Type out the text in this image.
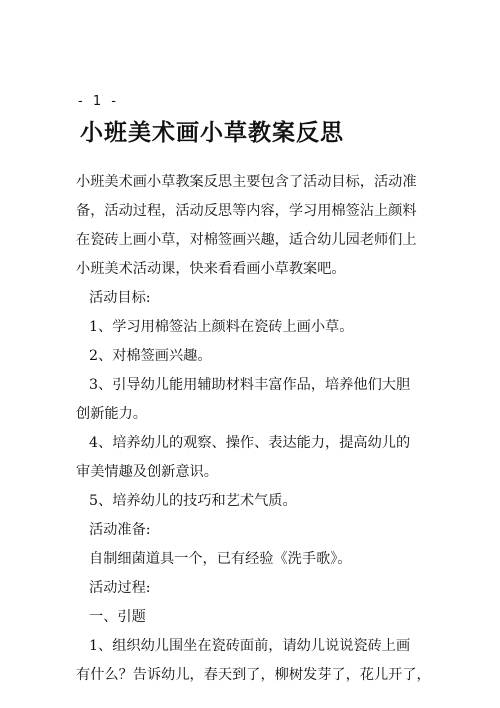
- 1 -
小班美术画小草教案反思
小班美术画小草教案反思主要包含了活动目标，活动准
备，活动过程，活动反思等内容，学习用棉签沾上颜料
在瓷砖上画小草，对棉签画兴趣，适合幼儿园老师们上
小班美术活动课，快来看看画小草教案吧。
活动目标:
1、学习用棉签沾上颜料在瓷砖上画小草。
2、对棉签画兴趣。
3、引导幼儿能用辅助材料丰富作品，培养他们大胆
创新能力。
4、培养幼儿的观察、操作、表达能力，提高幼儿的
审美情趣及创新意识。
5、培养幼儿的技巧和艺术气质。
活动准备:
自制细菌道具一个，已有经验《洗手歌》。
活动过程:
一、引题
1、组织幼儿围坐在瓷砖面前，请幼儿说说瓷砖上画
有什么？告诉幼儿，春天到了，柳树发芽了，花儿开了，
